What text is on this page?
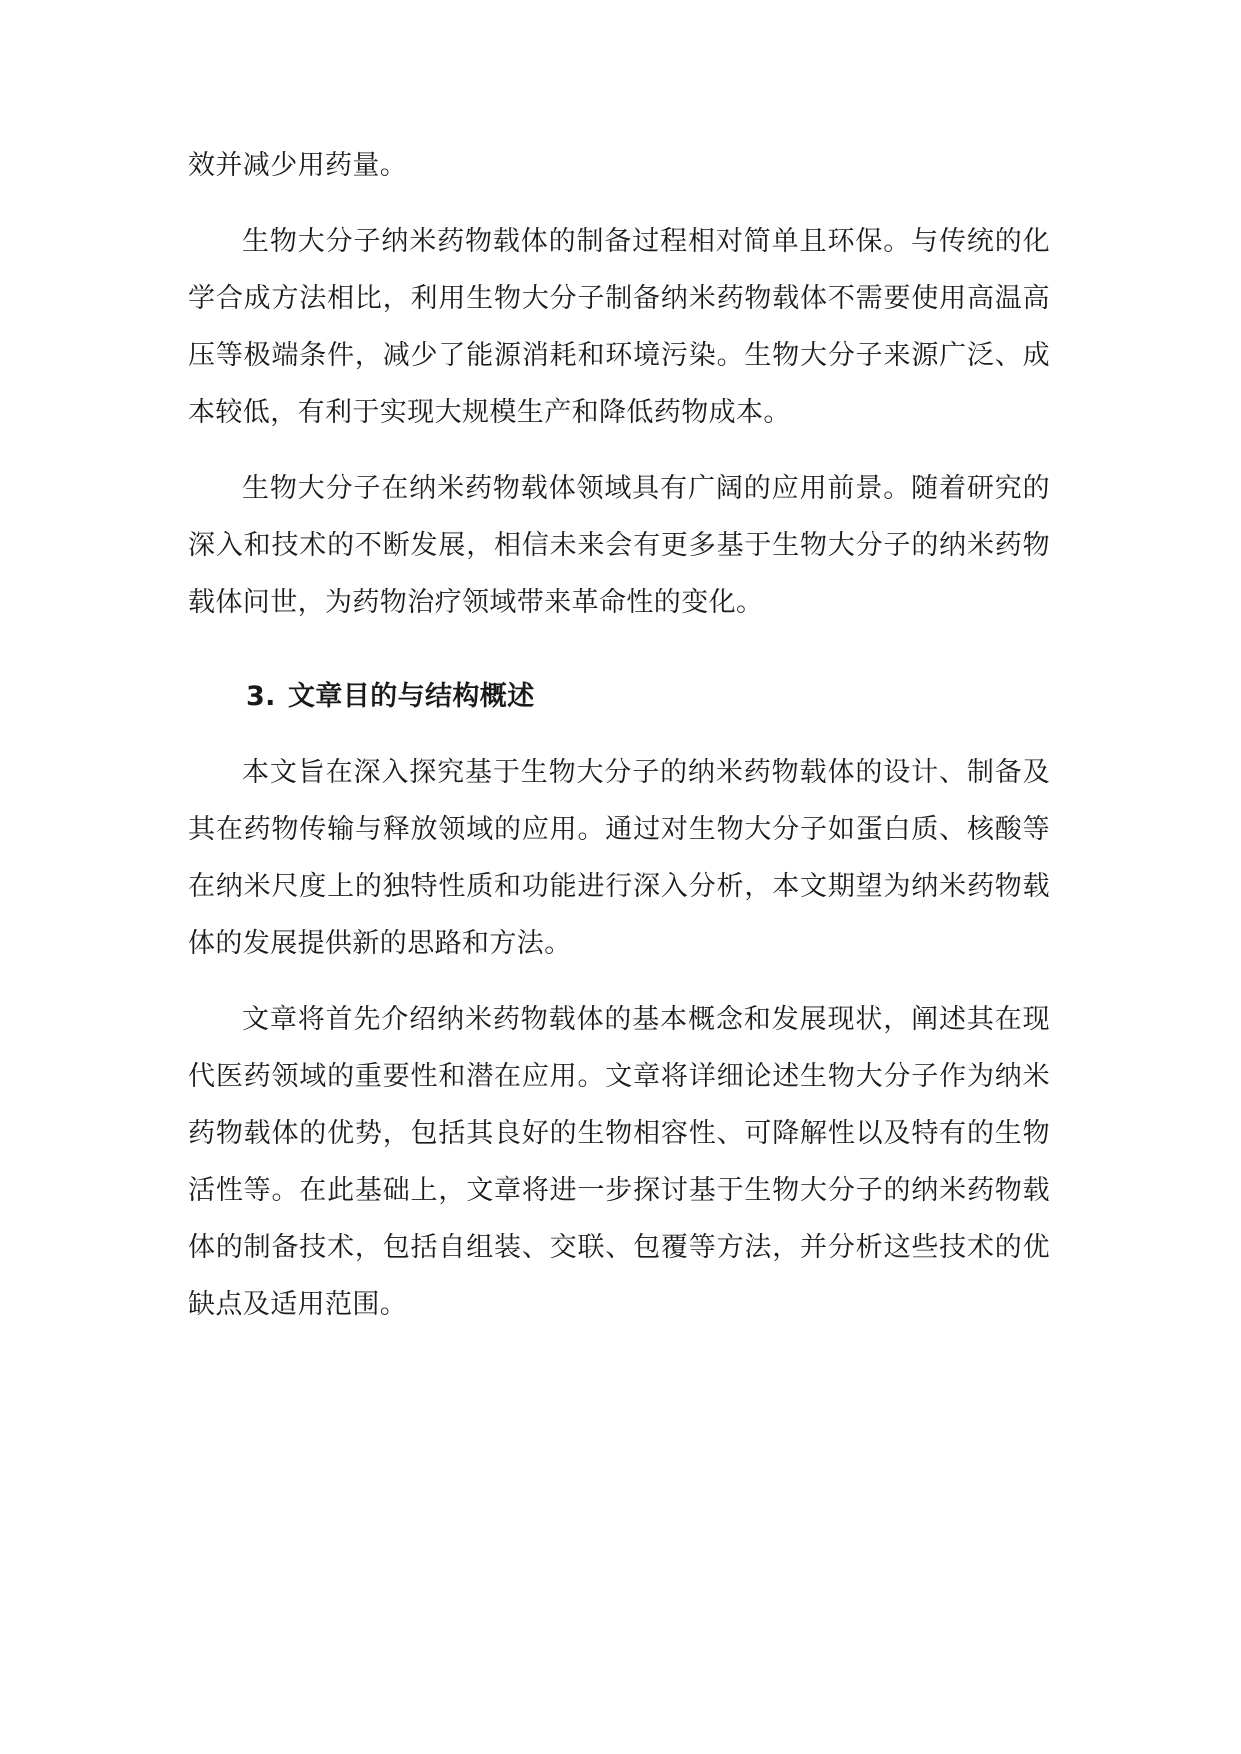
效并减少用药量。

生物大分子纳米药物载体的制备过程相对简单且环保。与传统的化学合成方法相比，利用生物大分子制备纳米药物载体不需要使用高温高压等极端条件，减少了能源消耗和环境污染。生物大分子来源广泛、成本较低，有利于实现大规模生产和降低药物成本。

生物大分子在纳米药物载体领域具有广阔的应用前景。随着研究的深入和技术的不断发展，相信未来会有更多基于生物大分子的纳米药物载体问世，为药物治疗领域带来革命性的变化。

3. 文章目的与结构概述

本文旨在深入探究基于生物大分子的纳米药物载体的设计、制备及其在药物传输与释放领域的应用。通过对生物大分子如蛋白质、核酸等在纳米尺度上的独特性质和功能进行深入分析，本文期望为纳米药物载体的发展提供新的思路和方法。

文章将首先介绍纳米药物载体的基本概念和发展现状，阐述其在现代医药领域的重要性和潜在应用。文章将详细论述生物大分子作为纳米药物载体的优势，包括其良好的生物相容性、可降解性以及特有的生物活性等。在此基础上，文章将进一步探讨基于生物大分子的纳米药物载体的制备技术，包括自组装、交联、包覆等方法，并分析这些技术的优缺点及适用范围。
